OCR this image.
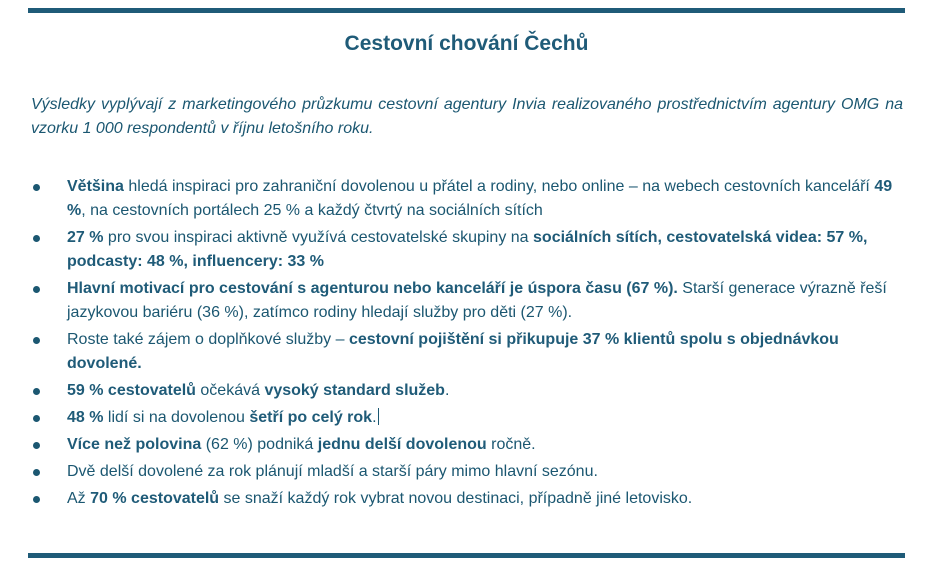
Cestovní chování Čechů

Výsledky vyplývají z marketingového průzkumu cestovní agentury Invia realizovaného prostřednictvím agentury OMG na vzorku 1 000 respondentů v říjnu letošního roku.

Většina hledá inspiraci pro zahraniční dovolenou u přátel a rodiny, nebo online – na webech cestovních kanceláří 49 %, na cestovních portálech 25 % a každý čtvrtý na sociálních sítích
27 % pro svou inspiraci aktivně využívá cestovatelské skupiny na sociálních sítích, cestovatelská videa: 57 %, podcasty: 48 %, influencery: 33 %
Hlavní motivací pro cestování s agenturou nebo kanceláří je úspora času (67 %). Starší generace výrazně řeší jazykovou bariéru (36 %), zatímco rodiny hledají služby pro děti (27 %).
Roste také zájem o doplňkové služby – cestovní pojištění si přikupuje 37 % klientů spolu s objednávkou dovolené.
59 % cestovatelů očekává vysoký standard služeb.
48 % lidí si na dovolenou šetří po celý rok.
Více než polovina (62 %) podniká jednu delší dovolenou ročně.
Dvě delší dovolené za rok plánují mladší a starší páry mimo hlavní sezónu.
Až 70 % cestovatelů se snaží každý rok vybrat novou destinaci, případně jiné letovisko.
